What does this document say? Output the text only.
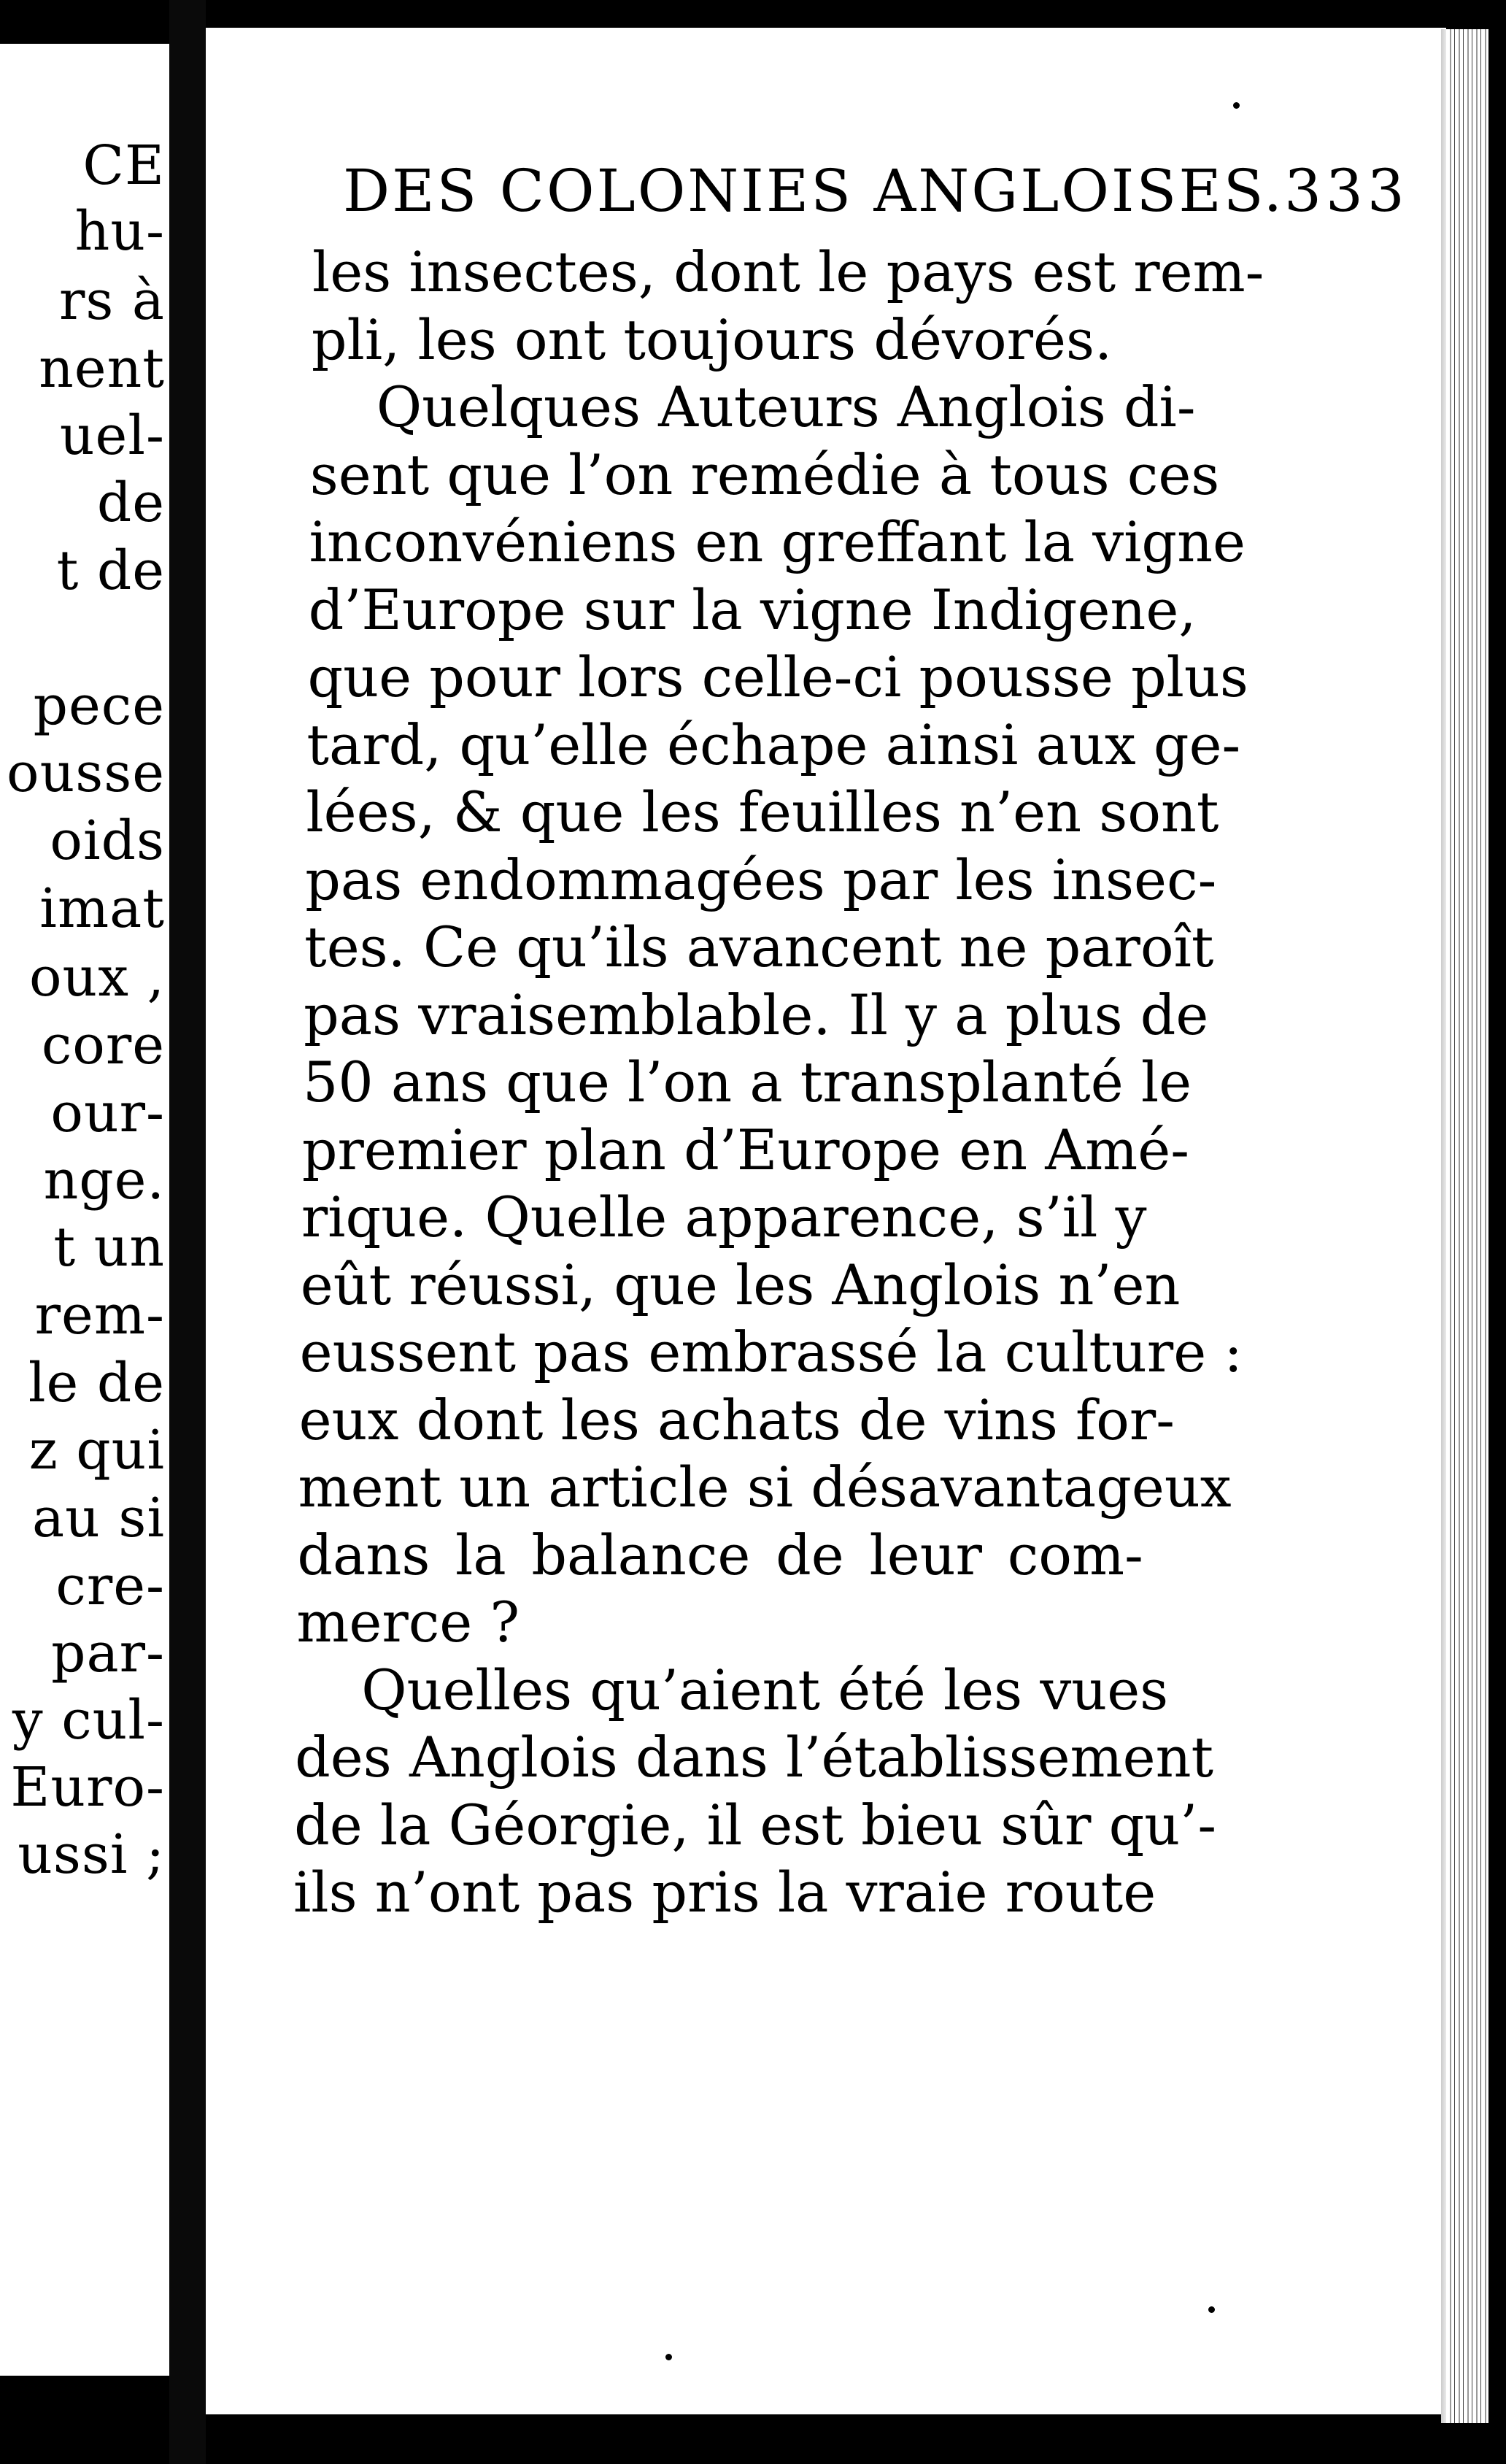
CE
hu-
rs à
nent
uel-
de
t de
pece
ousse
oids
imat
oux ,
core
our-
nge.
t un
rem-
le de
z qui
au si
cre-
par-
y cul-
Euro-
ussi ;
DES COLONIES ANGLOISES. 333
les insectes, dont le pays est rem-
pli, les ont toujours dévorés.
Quelques Auteurs Anglois di-
sent que l’on remédie à tous ces
inconvéniens en greffant la vigne
d’Europe sur la vigne Indigene,
que pour lors celle-ci pousse plus
tard, qu’elle échape ainsi aux ge-
lées, & que les feuilles n’en sont
pas endommagées par les insec-
tes. Ce qu’ils avancent ne paroît
pas vraisemblable. Il y a plus de
50 ans que l’on a transplanté le
premier plan d’Europe en Amé-
rique. Quelle apparence, s’il y
eût réussi, que les Anglois n’en
eussent pas embrassé la culture :
eux dont les achats de vins for-
ment un article si désavantageux
dans la balance de leur com-
merce ?
Quelles qu’aient été les vues
des Anglois dans l’établissement
de la Géorgie, il est bieu sûr qu’-
ils n’ont pas pris la vraie route
